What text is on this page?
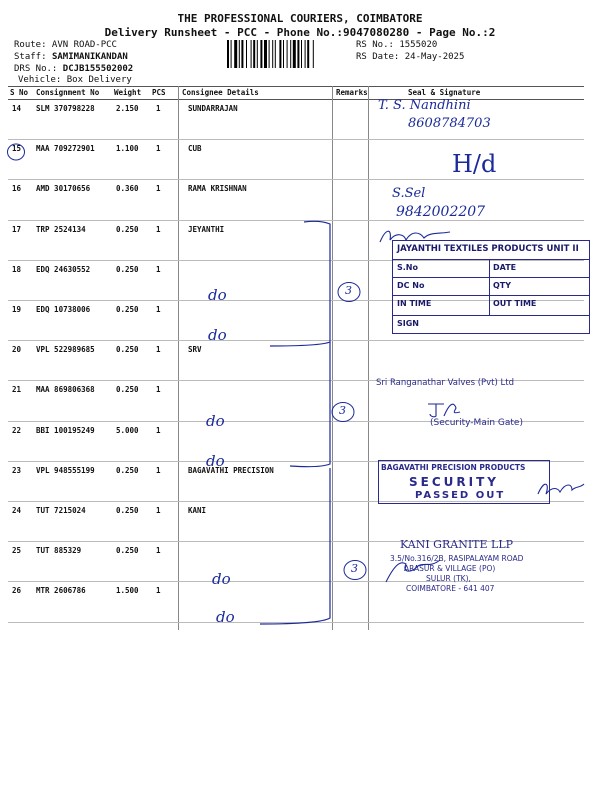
THE PROFESSIONAL COURIERS, COIMBATORE
Delivery Runsheet - PCC - Phone No.:9047080280 - Page No.:2
Route: AVN ROAD-PCC
Staff: SAMIMANIKANDAN
DRS No.: DCJB155502002
Vehicle: Box Delivery
RS No.: 1555020
RS Date: 24-May-2025
S No Consignment No Weight PCS Consignee Details	Remarks	Seal & Signature
14 SLM 370798228	2.150 1	SUNDARRAJAN
15 MAA 709272901	1.100 1	CUB
16 AMD 30170656	0.360 1	RAMA KRISHNAN
17 TRP 2524134	0.250 1	JEYANTHI
18 EDQ 24630552	0.250 1
19 EDQ 10738006	0.250 1
20 VPL 522989685	0.250 1	SRV
21 MAA 869806368	0.250 1
22 BBI 100195249	5.000 1
23 VPL 948555199	0.250 1	BAGAVATHI PRECISION
24 TUT 7215024	0.250 1	KANI
25 TUT 885329	0.250 1
26 MTR 2606786	1.500 1
T. S. Nandhini
8608784703
H/d
S.Sel
9842002207
do
do
do
do
do
do
3
3
3
JAYANTHI TEXTILES PRODUCTS UNIT II
S.No	DATE
DC No	QTY
IN TIME	OUT TIME
SIGN
Sri Ranganathar Valves (Pvt) Ltd
(Security-Main Gate)
BAGAVATHI PRECISION PRODUCTS
SECURITY
PASSED OUT
KANI GRANITE LLP
3.5/No.316/2B, RASIPALAYAM ROAD
ARASUR & VILLAGE (PO)
SULUR (TK),
COIMBATORE - 641 407
